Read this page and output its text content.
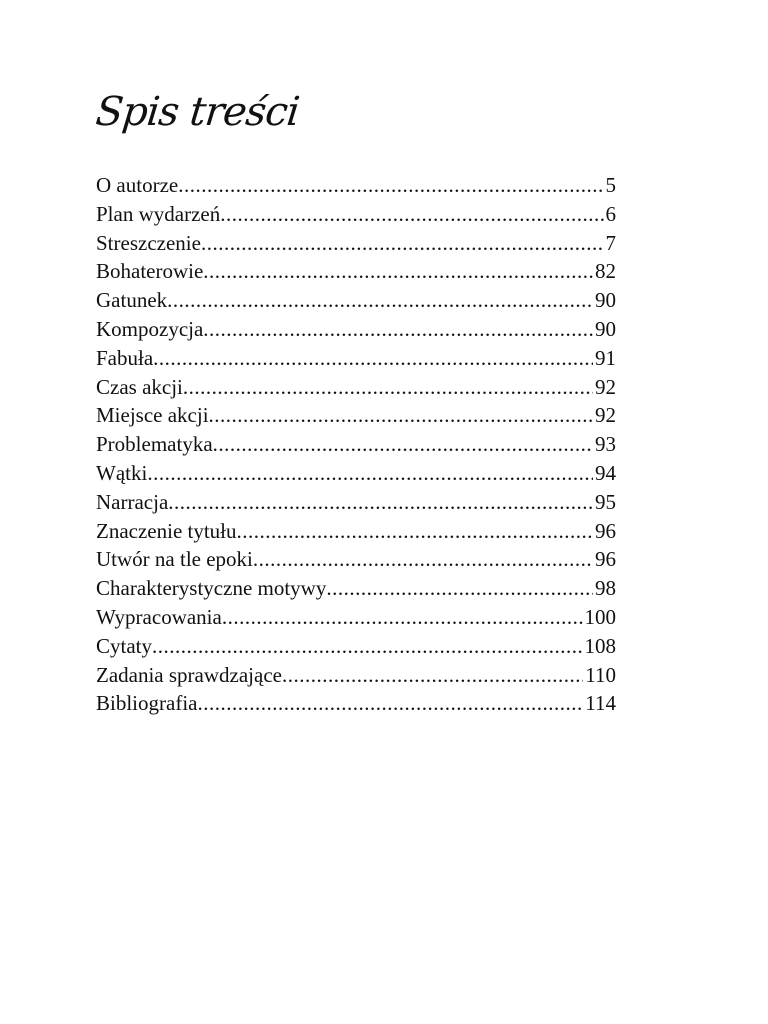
Spis treści
O autorze .....	5
Plan wydarzeń .....	6
Streszczenie .....	7
Bohaterowie .....	82
Gatunek .....	90
Kompozycja .....	90
Fabuła .....	91
Czas akcji .....	92
Miejsce akcji .....	92
Problematyka .....	93
Wątki .....	94
Narracja .....	95
Znaczenie tytułu .....	96
Utwór na tle epoki .....	96
Charakterystyczne motywy .....	98
Wypracowania .....	100
Cytaty .....	108
Zadania sprawdzające .....	110
Bibliografia .....	114
